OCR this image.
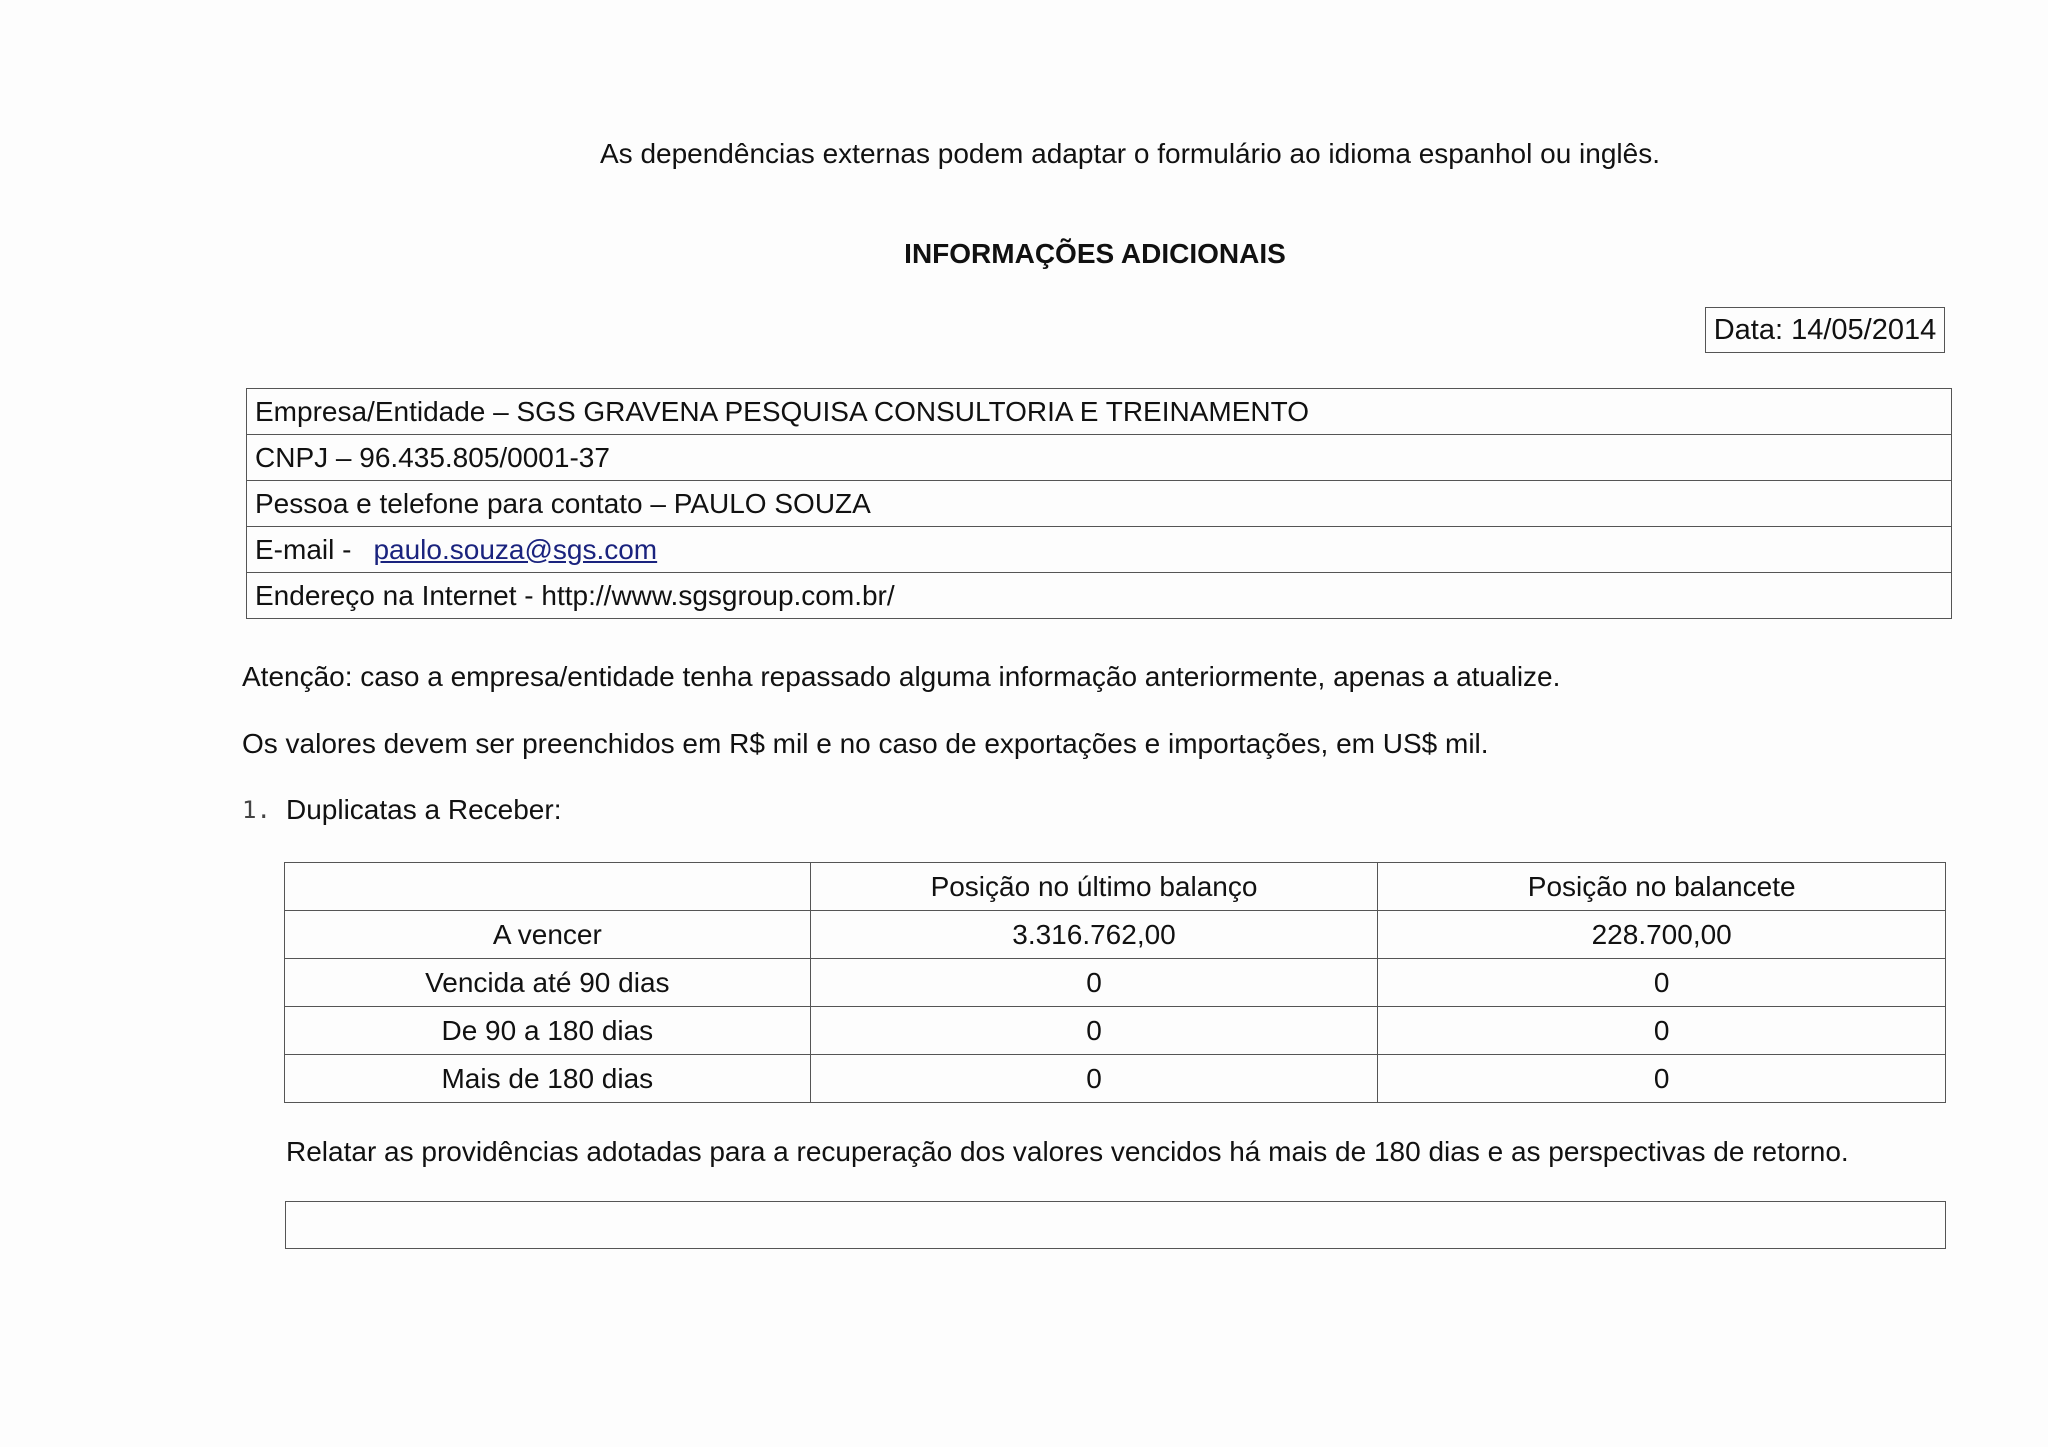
As dependências externas podem adaptar o formulário ao idioma espanhol ou inglês.
INFORMAÇÕES ADICIONAIS
Data: 14/05/2014
Empresa/Entidade – SGS GRAVENA PESQUISA CONSULTORIA E TREINAMENTO
CNPJ – 96.435.805/0001-37
Pessoa e telefone para contato – PAULO SOUZA
E-mail - paulo.souza@sgs.com
Endereço na Internet - http://www.sgsgroup.com.br/
Atenção: caso a empresa/entidade tenha repassado alguma informação anteriormente, apenas a atualize.
Os valores devem ser preenchidos em R$ mil e no caso de exportações e importações, em US$ mil.
1. Duplicatas a Receber:
	Posição no último balanço	Posição no balancete
A vencer	3.316.762,00	228.700,00
Vencida até 90 dias	0	0
De 90 a 180 dias	0	0
Mais de 180 dias	0	0
Relatar as providências adotadas para a recuperação dos valores vencidos há mais de 180 dias e as perspectivas de retorno.
